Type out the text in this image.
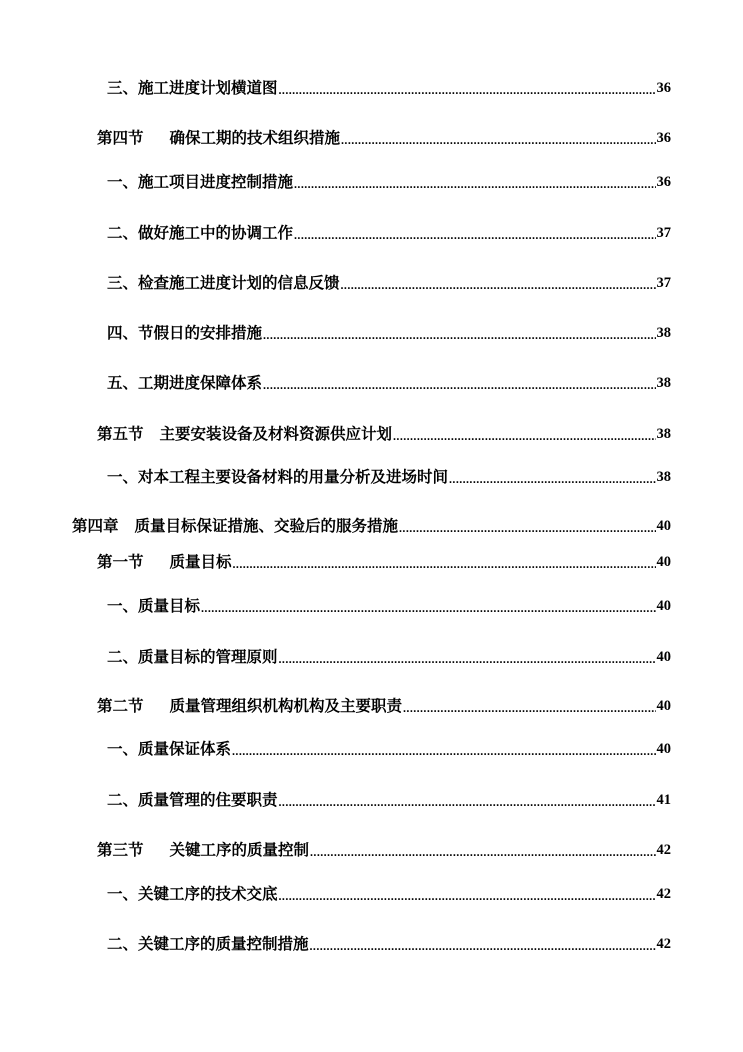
三、施工进度计划横道图 .....	36
第四节 确保工期的技术组织措施 .....	36
一、施工项目进度控制措施 .....	36
二、做好施工中的协调工作 .....	37
三、检查施工进度计划的信息反馈 .....	37
四、节假日的安排措施 .....	38
五、工期进度保障体系 .....	38
第五节 主要安装设备及材料资源供应计划 .....	38
一、对本工程主要设备材料的用量分析及进场时间 .....	38
第四章 质量目标保证措施、交验后的服务措施 .....	40
第一节 质量目标 .....	40
一、质量目标 .....	40
二、质量目标的管理原则 .....	40
第二节 质量管理组织机构机构及主要职责 .....	40
一、质量保证体系 .....	40
二、质量管理的住要职责 .....	41
第三节 关键工序的质量控制 .....	42
一、关键工序的技术交底 .....	42
二、关键工序的质量控制措施 .....	42
